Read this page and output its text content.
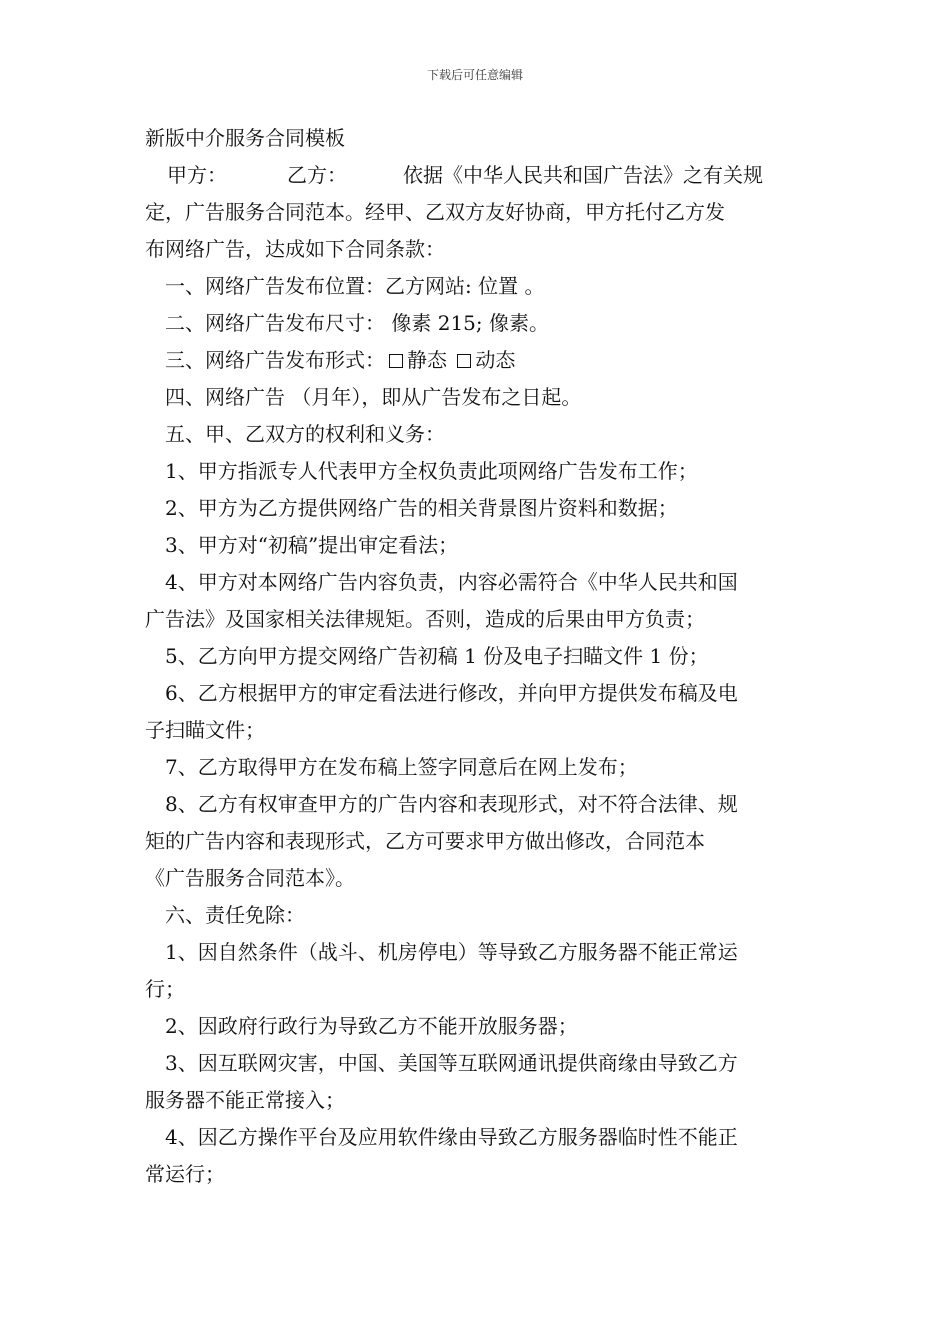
下载后可任意编辑
新版中介服务合同模板
甲方：	乙方：	依据《中华人民共和国广告法》之有关规
定，广告服务合同范本。经甲、乙双方友好协商，甲方托付乙方发
布网络广告，达成如下合同条款：
一、网络广告发布位置：乙方网站: 位置 。
二、网络广告发布尺寸： 像素 215; 像素。
三、网络广告发布形式： 静态 动态
四、网络广告 （月年），即从广告发布之日起。
五、甲、乙双方的权利和义务：
1、甲方指派专人代表甲方全权负责此项网络广告发布工作；
2、甲方为乙方提供网络广告的相关背景图片资料和数据；
3、甲方对“初稿”提出审定看法；
4、甲方对本网络广告内容负责，内容必需符合《中华人民共和国
广告法》及国家相关法律规矩。否则，造成的后果由甲方负责；
5、乙方向甲方提交网络广告初稿 1 份及电子扫瞄文件 1 份；
6、乙方根据甲方的审定看法进行修改，并向甲方提供发布稿及电
子扫瞄文件；
7、乙方取得甲方在发布稿上签字同意后在网上发布；
8、乙方有权审查甲方的广告内容和表现形式，对不符合法律、规
矩的广告内容和表现形式，乙方可要求甲方做出修改，合同范本
《广告服务合同范本》。
六、责任免除：
1、因自然条件（战斗、机房停电）等导致乙方服务器不能正常运
行；
2、因政府行政行为导致乙方不能开放服务器；
3、因互联网灾害，中国、美国等互联网通讯提供商缘由导致乙方
服务器不能正常接入；
4、因乙方操作平台及应用软件缘由导致乙方服务器临时性不能正
常运行；
